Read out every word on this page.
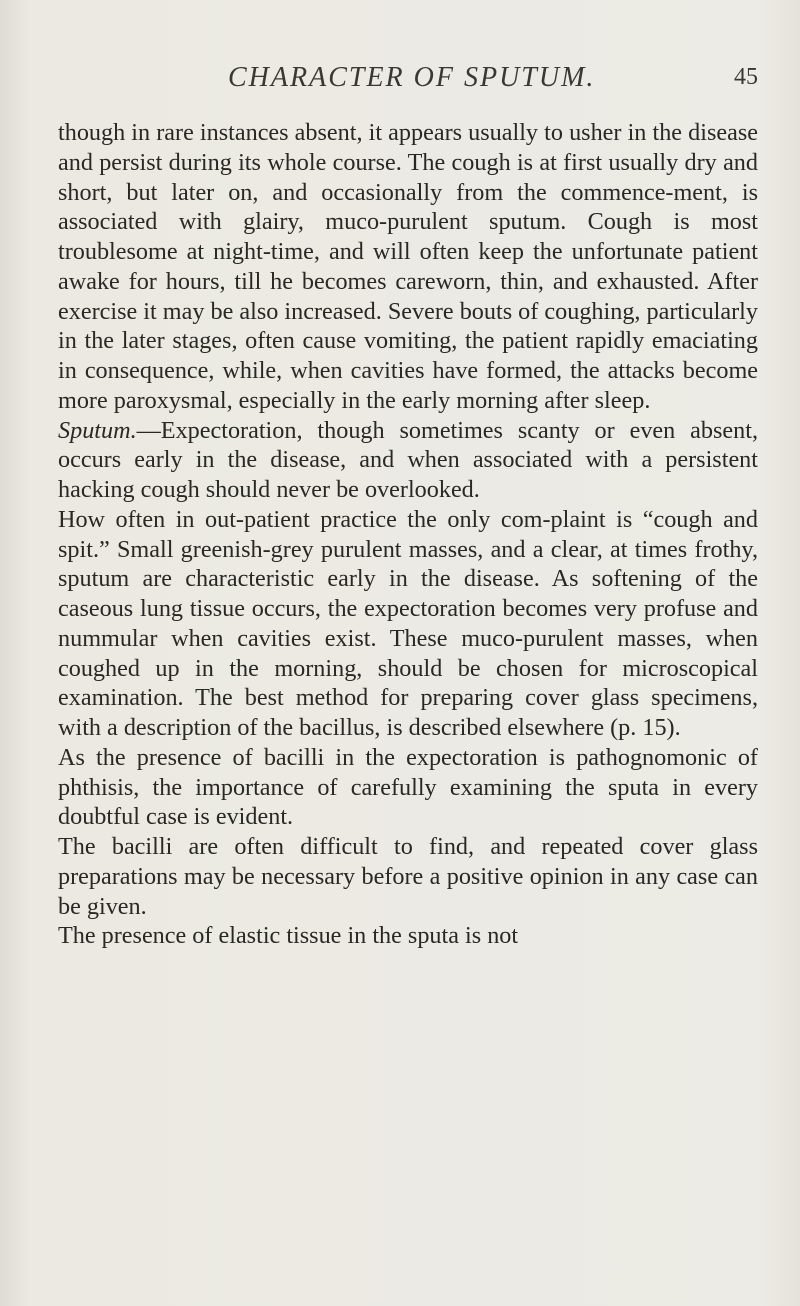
CHARACTER OF SPUTUM.	45

though in rare instances absent, it appears usually to usher in the disease and persist during its whole course. The cough is at first usually dry and short, but later on, and occasionally from the commence-ment, is associated with glairy, muco-purulent sputum. Cough is most troublesome at night-time, and will often keep the unfortunate patient awake for hours, till he becomes careworn, thin, and exhausted. After exercise it may be also increased. Severe bouts of coughing, particularly in the later stages, often cause vomiting, the patient rapidly emaciating in consequence, while, when cavities have formed, the attacks become more paroxysmal, especially in the early morning after sleep.

Sputum.—Expectoration, though sometimes scanty or even absent, occurs early in the disease, and when associated with a persistent hacking cough should never be overlooked.

How often in out-patient practice the only com-plaint is “cough and spit.” Small greenish-grey purulent masses, and a clear, at times frothy, sputum are characteristic early in the disease. As softening of the caseous lung tissue occurs, the expectoration becomes very profuse and nummular when cavities exist. These muco-purulent masses, when coughed up in the morning, should be chosen for microscopical examination. The best method for preparing cover glass specimens, with a description of the bacillus, is described elsewhere (p. 15).

As the presence of bacilli in the expectoration is pathognomonic of phthisis, the importance of carefully examining the sputa in every doubtful case is evident.

The bacilli are often difficult to find, and repeated cover glass preparations may be necessary before a positive opinion in any case can be given.

The presence of elastic tissue in the sputa is not
